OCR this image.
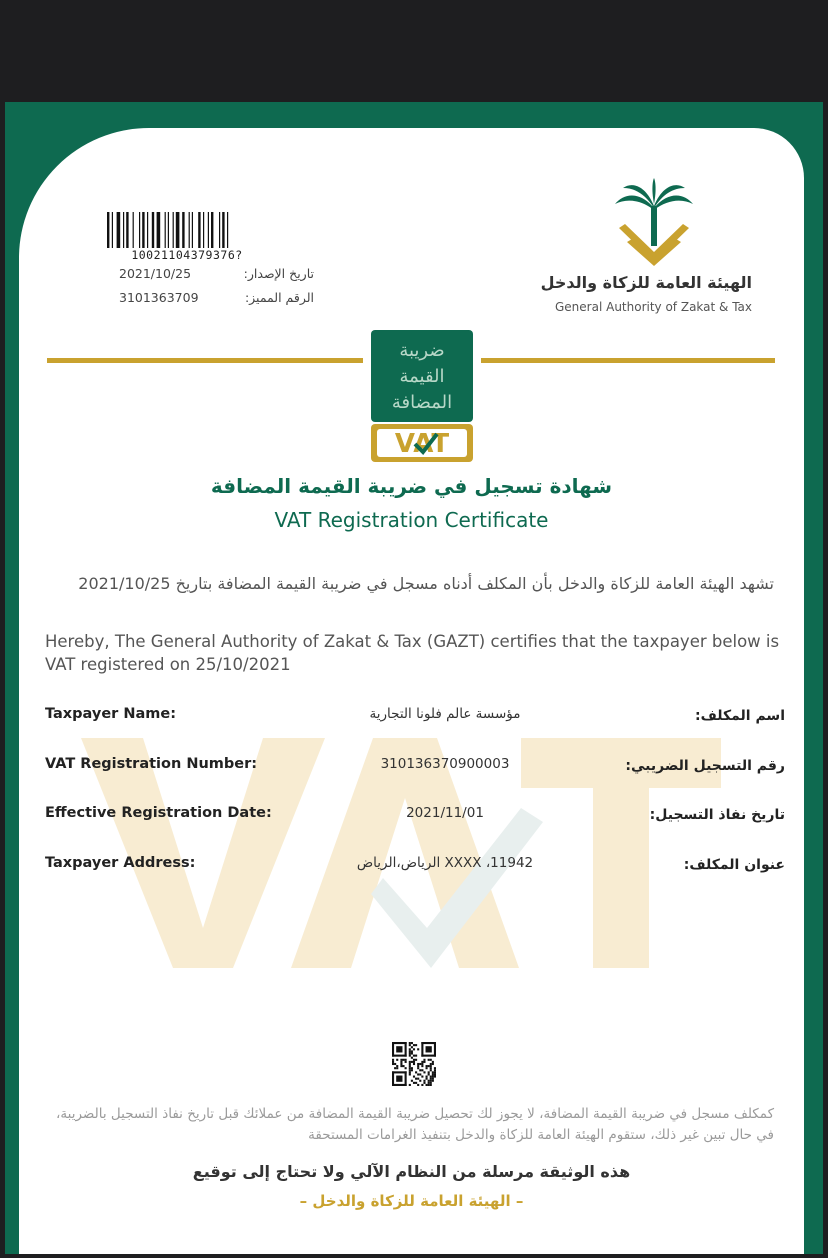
10021104379376?
2021/10/25	تاريخ الإصدار:
3101363709	الرقم المميز:
ضريبة
القيمة
المضافة
VAT
الهيئة العامة للزكاة والدخل
General Authority of Zakat & Tax
شهادة تسجيل في ضريبة القيمة المضافة
VAT Registration Certificate
تشهد الهيئة العامة للزكاة والدخل بأن المكلف أدناه مسجل في ضريبة القيمة المضافة بتاريخ 2021/10/25
Hereby, The General Authority of Zakat & Tax (GAZT) certifies that the taxpayer below is VAT registered on 25/10/2021
Taxpayer Name:	مؤسسة عالم فلونا التجارية	اسم المكلف:
VAT Registration Number:	310136370900003	رقم التسجيل الضريبي:
Effective Registration Date:	2021/11/01	تاريخ نفاذ التسجيل:
Taxpayer Address:	XXXX ،11942 الرياض،الرياض	عنوان المكلف:
كمكلف مسجل في ضريبة القيمة المضافة، لا يجوز لك تحصيل ضريبة القيمة المضافة من عملائك قبل تاريخ نفاذ التسجيل بالضريبة، في حال تبين غير ذلك، ستقوم الهيئة العامة للزكاة والدخل بتنفيذ الغرامات المستحقة
هذه الوثيقة مرسلة من النظام الآلي ولا تحتاج إلى توقيع
– الهيئة العامة للزكاة والدخل –
